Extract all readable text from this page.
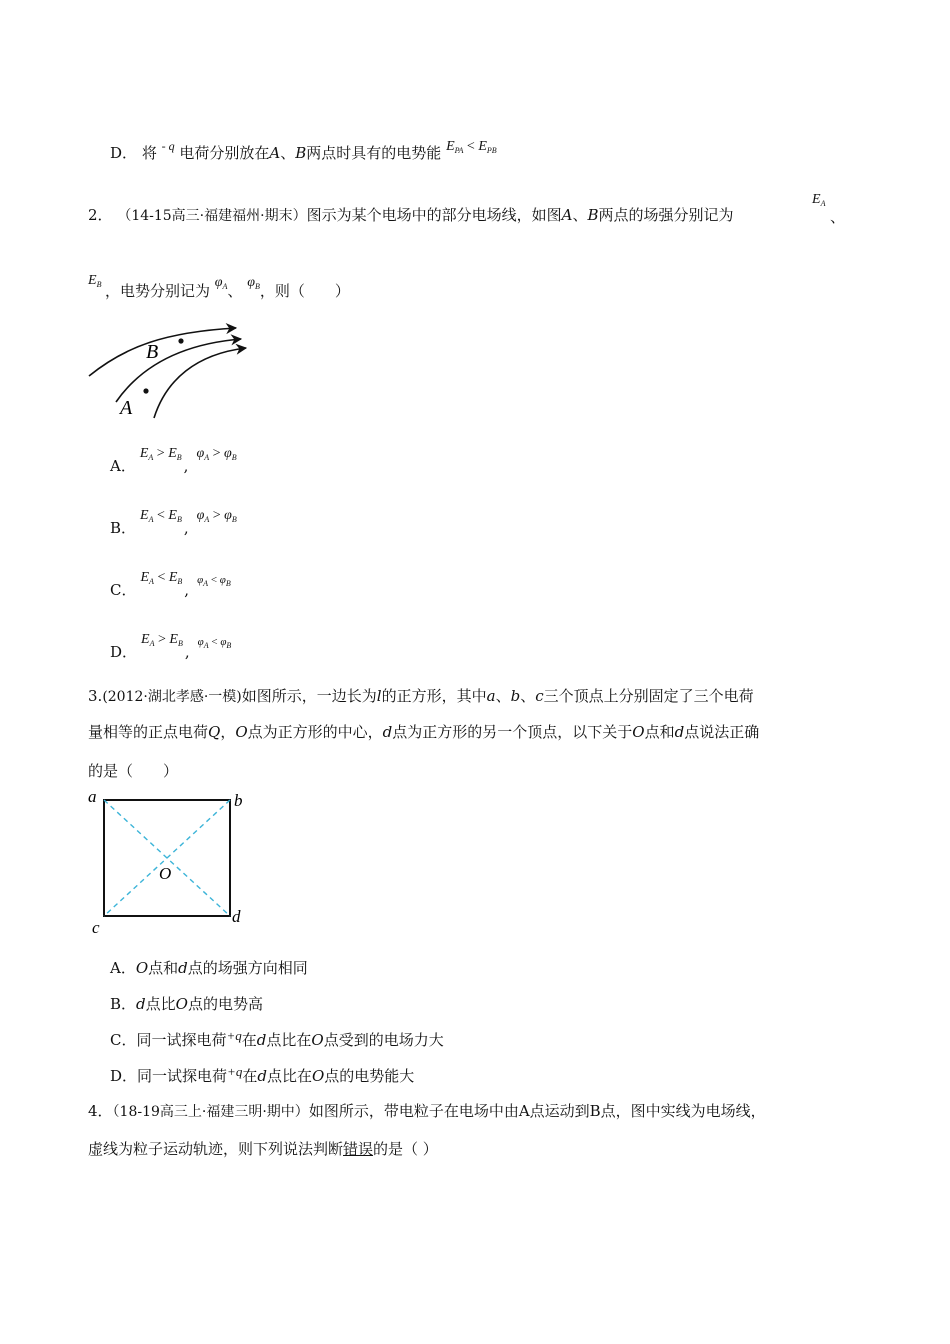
D． 将 $^{- q}$ 电荷分别放在A、B两点时具有的电势能 $E_{PA} < E_{PB}$
2． （14-15高三·福建福州·期末）图示为某个电场中的部分电场线，如图A、B两点的场强分别记为
$E_A$
、
$E_B$ ，电势分别记为 $\varphi_A$、 $\varphi_B$，则（　　）
B
A
A．$E_A > E_B$ $,\varphi_A > \varphi_B$
B．$E_A < E_B$ $,\varphi_A > \varphi_B$
C．$E_A < E_B$ $,\varphi_A < \varphi_B$
D．$E_A > E_B$ $,\varphi_A < \varphi_B$
3.(2012·湖北孝感·一模)如图所示，一边长为l的正方形，其中a、b、c三个顶点上分别固定了三个电荷
量相等的正点电荷Q，O点为正方形的中心，d点为正方形的另一个顶点，以下关于O点和d点说法正确
的是（　　）
a	b
c
d
O
A．O点和d点的场强方向相同
B．d点比O点的电势高
C．同一试探电荷+q在d点比在O点受到的电场力大
D．同一试探电荷+q在d点比在O点的电势能大
4．（18-19高三上·福建三明·期中）如图所示，带电粒子在电场中由A点运动到B点，图中实线为电场线，
虚线为粒子运动轨迹，则下列说法判断错误的是（ ）
